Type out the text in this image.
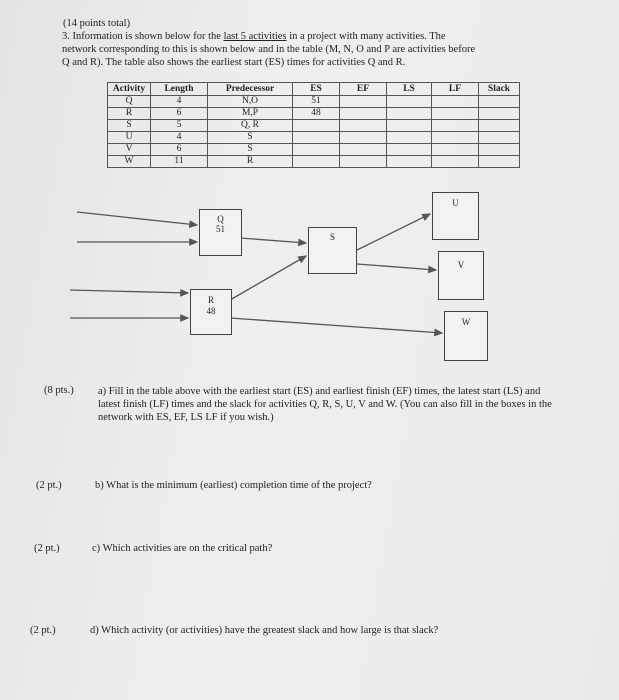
(14 points total)
3. Information is shown below for the last 5 activities in a project with many activities. The
network corresponding to this is shown below and in the table (M, N, O and P are activities before
Q and R). The table also shows the earliest start (ES) times for activities Q and R.
Activity	Length	Predecessor	ES	EF	LS	LF	Slack
Q	4	N,O	51				
R	6	M,P	48				
S	5	Q, R					
U	4	S					
V	6	S					
W	11	R					
Q
51
R
48
S
U
V
W
(8 pts.) a) Fill in the table above with the earliest start (ES) and earliest finish (EF) times, the latest start (LS) and latest finish (LF) times and the slack for activities Q, R, S, U, V and W. (You can also fill in the boxes in the network with ES, EF, LS LF if you wish.)
(2 pt.)	b) What is the minimum (earliest) completion time of the project?
(2 pt.)	c) Which activities are on the critical path?
(2 pt.)	d) Which activity (or activities) have the greatest slack and how large is that slack?
